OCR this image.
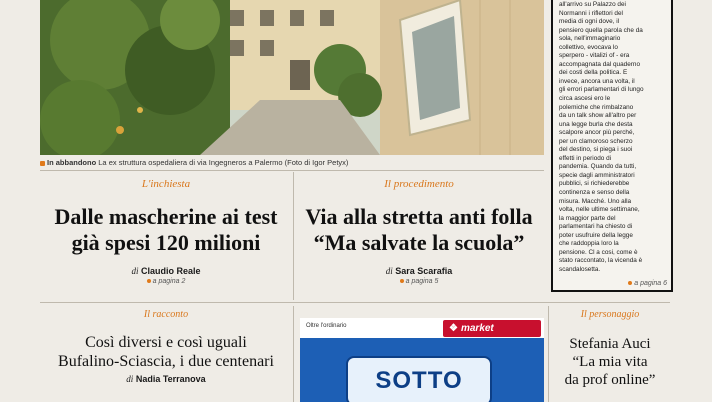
In abbandono La ex struttura ospedaliera di via Ingegneros a Palermo (Foto di Igor Petyx)
all'arrivo su Palazzo dei
Normanni i riflettori del
media di ogni dove, il
pensiero quella parola che da
sola, nell'immaginario
collettivo, evocava lo
sperpero - vitalizi of - era
accompagnata dal quaderno
dei costi della politica. E
invece, ancora una volta, il
gli errori parlamentari di lungo
circa ascesi ero le
polemiche che rimbalzano
da un talk show all'altro per
una legge burla che desta
scalpore ancor più perché,
per un clamoroso scherzo
del destino, si piega i suoi
effetti in periodo di
pandemia. Quando da tutti,
specie dagli amministratori
pubblici, si richiederebbe
continenza e senso della
misura. Macché. Uno alla
volta, nelle ultime settimane,
la maggior parte del
parlamentari ha chiesto di
poter usufruire della legge
che raddoppia loro la
pensione. Cl a cosi, come è
stato raccontato, la vicenda è
scandalosetta.
a pagina 6
L'inchiesta
Dalle mascherine ai test
già spesi 120 milioni
di Claudio Reale
a pagina 2
Il procedimento
Via alla stretta anti folla
“Ma salvate la scuola”
di Sara Scarafia
a pagina 5
Il racconto
Così diversi e così uguali
Bufalino-Sciascia, i due centenari
di Nadia Terranova
Oltre l'ordinario	❖ market
SOTTO
Il personaggio
Stefania Auci
“La mia vita
da prof online”
